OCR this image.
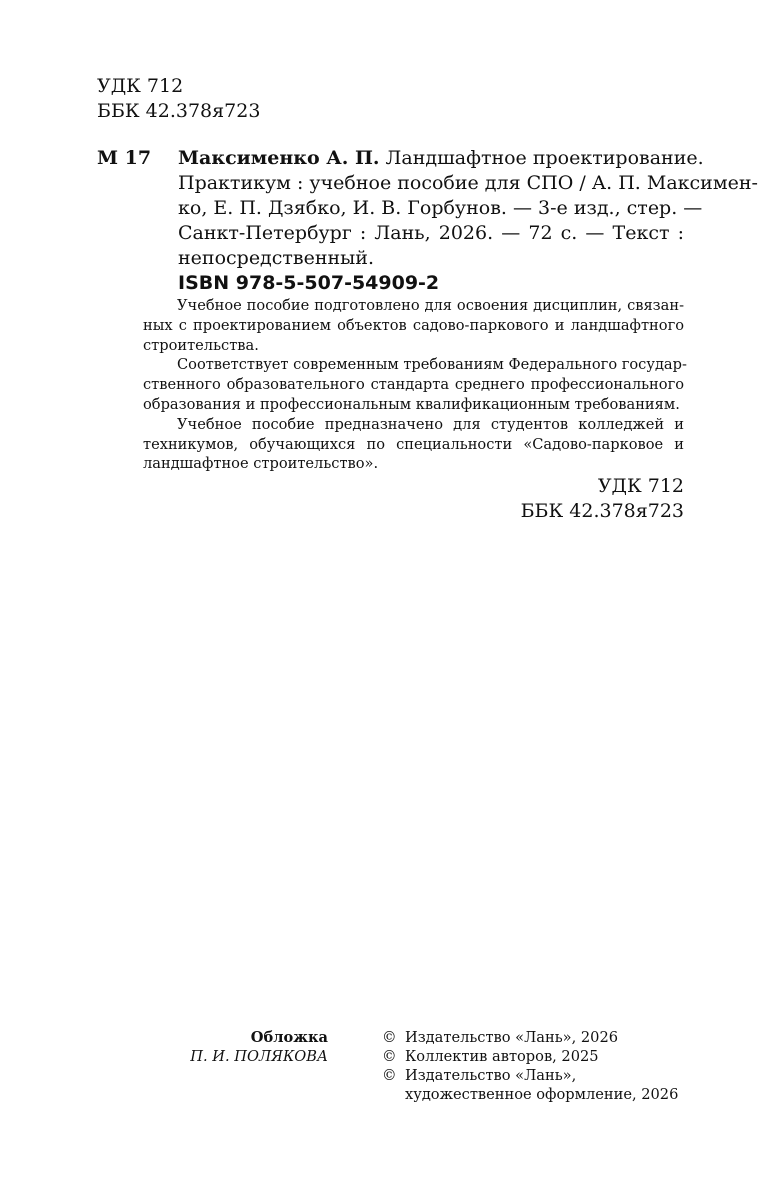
УДК 712
ББК 42.378я723
М 17 Максименко А. П. Ландшафтное проектирование.
Практикум : учебное пособие для СПО / А. П. Максимен-
ко, Е. П. Дзябко, И. В. Горбунов. — 3-е изд., стер. —
Санкт-Петербург : Лань, 2026. — 72 с. — Текст :
непосредственный.
ISBN 978-5-507-54909-2
Учебное пособие подготовлено для освоения дисциплин, связан-
ных с проектированием объектов садово-паркового и ландшафтного
строительства.
Соответствует современным требованиям Федерального государ-
ственного образовательного стандарта среднего профессионального
образования и профессиональным квалификационным требованиям.
Учебное пособие предназначено для студентов колледжей и
техникумов, обучающихся по специальности «Садово-парковое и
ландшафтное строительство».
УДК 712
ББК 42.378я723
Обложка
П. И. ПОЛЯКОВА
© Издательство «Лань», 2026
© Коллектив авторов, 2025
© Издательство «Лань»,
художественное оформление, 2026
